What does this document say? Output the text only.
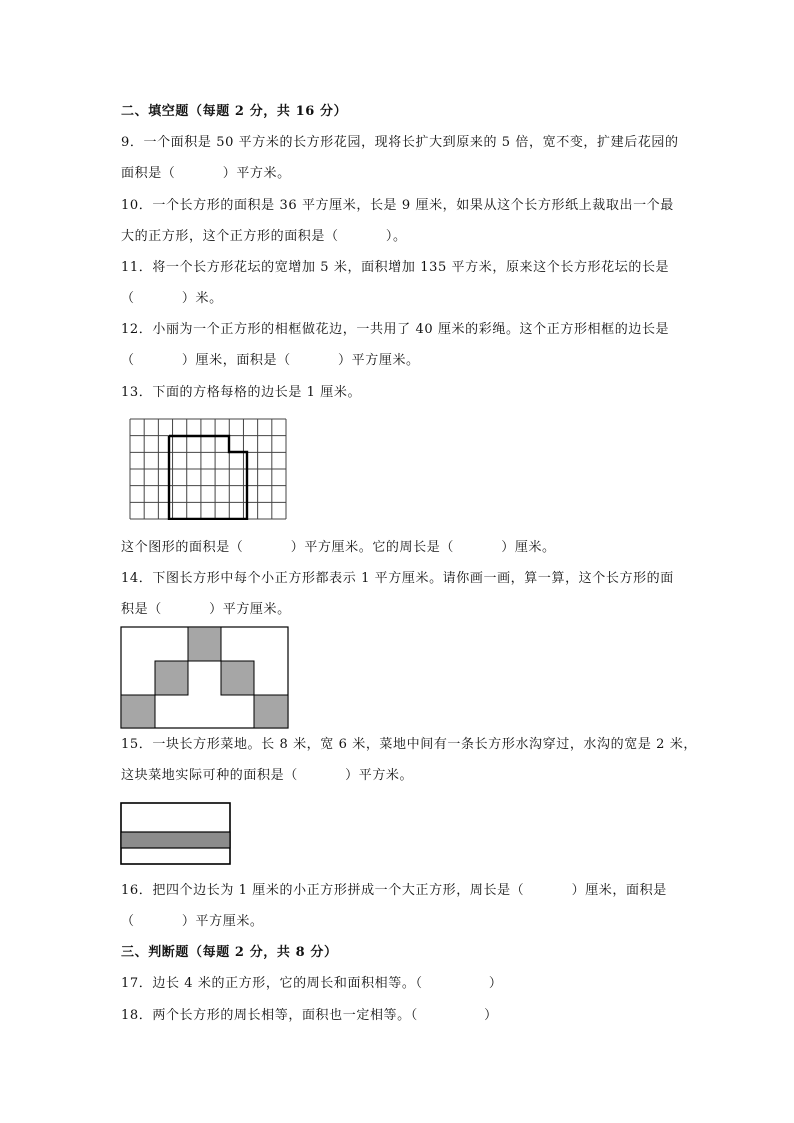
二、填空题（每题 2 分，共 16 分）
9．一个面积是 50 平方米的长方形花园，现将长扩大到原来的 5 倍，宽不变，扩建后花园的
面积是（          ）平方米。
10．一个长方形的面积是 36 平方厘米，长是 9 厘米，如果从这个长方形纸上裁取出一个最
大的正方形，这个正方形的面积是（          ）。
11．将一个长方形花坛的宽增加 5 米，面积增加 135 平方米，原来这个长方形花坛的长是
（          ）米。
12．小丽为一个正方形的相框做花边，一共用了 40 厘米的彩绳。这个正方形相框的边长是
（          ）厘米，面积是（          ）平方厘米。
13．下面的方格每格的边长是 1 厘米。
这个图形的面积是（          ）平方厘米。它的周长是（          ）厘米。
14．下图长方形中每个小正方形都表示 1 平方厘米。请你画一画，算一算，这个长方形的面
积是（          ）平方厘米。
15．一块长方形菜地。长 8 米，宽 6 米，菜地中间有一条长方形水沟穿过，水沟的宽是 2 米，
这块菜地实际可种的面积是（          ）平方米。
16．把四个边长为 1 厘米的小正方形拼成一个大正方形，周长是（          ）厘米，面积是
（          ）平方厘米。
三、判断题（每题 2 分，共 8 分）
17．边长 4 米的正方形，它的周长和面积相等。（              ）
18．两个长方形的周长相等，面积也一定相等。（              ）
